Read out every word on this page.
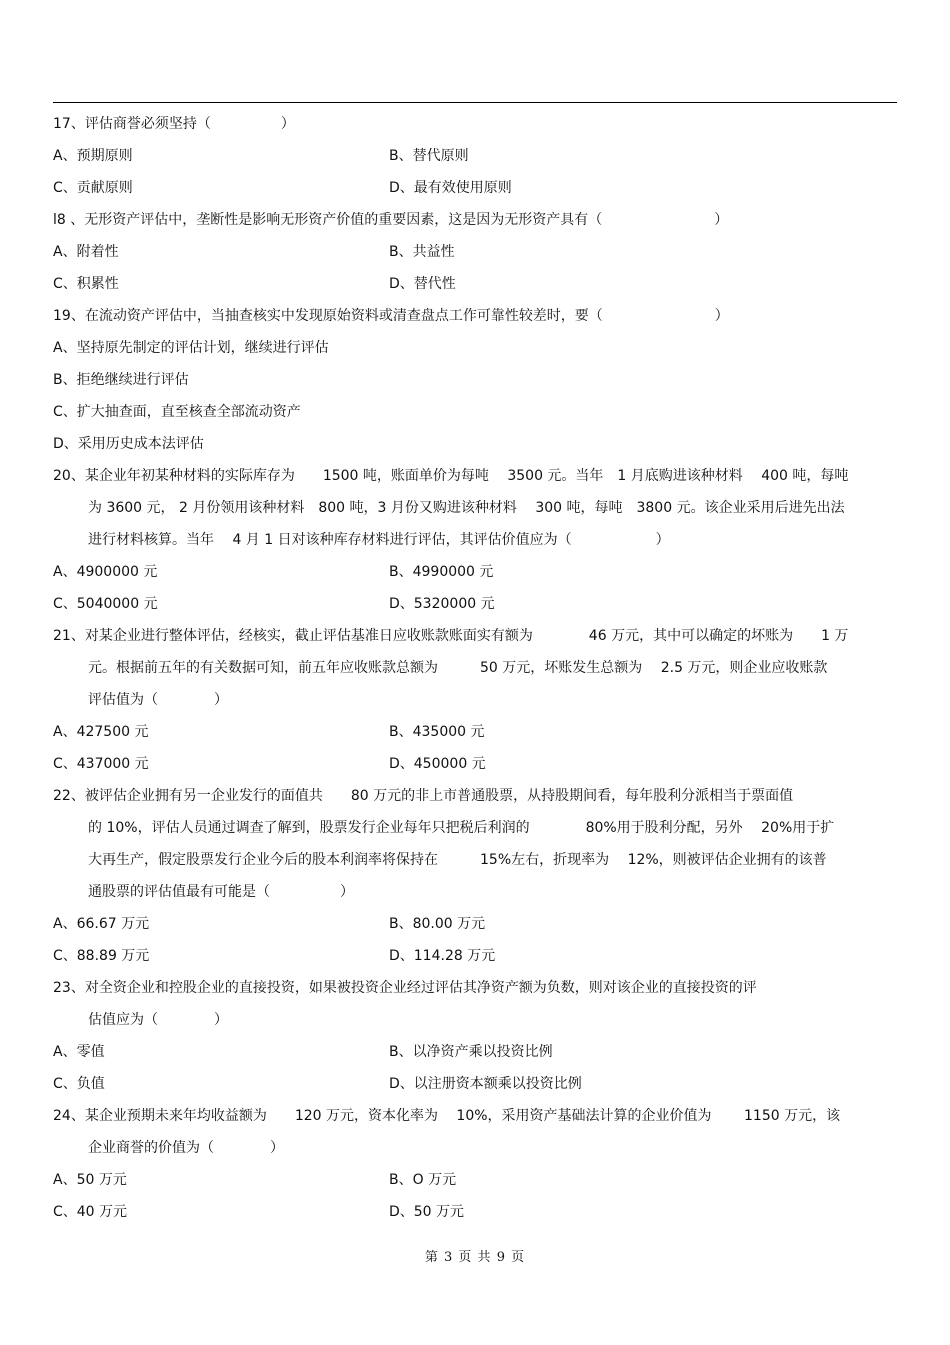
17、评估商誉必须坚持（　　　　　）
A、预期原则	B、替代原则
C、贡献原则	D、最有效使用原则
l8 、无形资产评估中，垄断性是影响无形资产价值的重要因素，这是因为无形资产具有（　　　　　　　　）
A、附着性	B、共益性
C、积累性	D、替代性
19、在流动资产评估中，当抽查核实中发现原始资料或清查盘点工作可靠性较差时，要（　　　　　　　　）
A、坚持原先制定的评估计划，继续进行评估
B、拒绝继续进行评估
C、扩大抽查面，直至核查全部流动资产
D、采用历史成本法评估
20、某企业年初某种材料的实际库存为　　1500 吨，账面单价为每吨　 3500 元。当年　1 月底购进该种材料　 400 吨，每吨
为 3600 元， 2 月份领用该种材料　800 吨，3 月份又购进该种材料　 300 吨，每吨　3800 元。该企业采用后进先出法
进行材料核算。当年　 4 月 1 日对该种库存材料进行评估，其评估价值应为（　　　　　　）
A、4900000 元	B、4990000 元
C、5040000 元	D、5320000 元
21、对某企业进行整体评估，经核实，截止评估基准日应收账款账面实有额为　　　　46 万元，其中可以确定的坏账为　　1 万
元。根据前五年的有关数据可知，前五年应收账款总额为　　　50 万元，坏账发生总额为　 2.5 万元，则企业应收账款
评估值为（　　　　）
A、427500 元	B、435000 元
C、437000 元	D、450000 元
22、被评估企业拥有另一企业发行的面值共　　80 万元的非上市普通股票，从持股期间看，每年股利分派相当于票面值
的 10%，评估人员通过调查了解到，股票发行企业每年只把税后利润的　　　　80%用于股利分配，另外　 20%用于扩
大再生产，假定股票发行企业今后的股本利润率将保持在　　　15%左右，折现率为　 12%，则被评估企业拥有的该普
通股票的评估值最有可能是（　　　　　）
A、66.67 万元	B、80.00 万元
C、88.89 万元	D、114.28 万元
23、对全资企业和控股企业的直接投资，如果被投资企业经过评估其净资产额为负数，则对该企业的直接投资的评
估值应为（　　　　）
A、零值	B、以净资产乘以投资比例
C、负值	D、以注册资本额乘以投资比例
24、某企业预期未来年均收益额为　　120 万元，资本化率为　 10%，采用资产基础法计算的企业价值为　　 1150 万元，该
企业商誉的价值为（　　　　）
A、50 万元	B、O 万元
C、40 万元	D、50 万元
第 3 页 共 9 页
